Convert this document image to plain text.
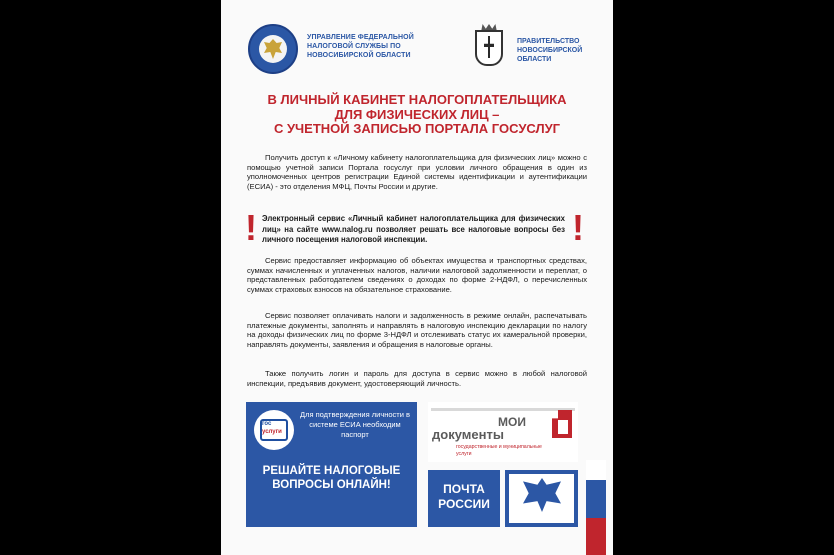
УПРАВЛЕНИЕ ФЕДЕРАЛЬНОЙ НАЛОГОВОЙ СЛУЖБЫ ПО НОВОСИБИРСКОЙ ОБЛАСТИ
ПРАВИТЕЛЬСТВО НОВОСИБИРСКОЙ ОБЛАСТИ
В ЛИЧНЫЙ КАБИНЕТ НАЛОГОПЛАТЕЛЬЩИКА
ДЛЯ ФИЗИЧЕСКИХ ЛИЦ –
С УЧЕТНОЙ ЗАПИСЬЮ ПОРТАЛА ГОСУСЛУГ
Получить доступ к «Личному кабинету налогоплательщика для физических лиц» можно с помощью учетной записи Портала госуслуг при условии личного обращения в один из уполномоченных центров регистрации Единой системы идентификации и аутентификации (ЕСИА) - это отделения МФЦ, Почты России и другие.
! Электронный сервис «Личный кабинет налогоплательщика для физических лиц» на сайте www.nalog.ru позволяет решать все налоговые вопросы без личного посещения налоговой инспекции.	!
Сервис предоставляет информацию об объектах имущества и транспортных средствах, суммах начисленных и уплаченных налогов, наличии налоговой задолженности и переплат, о представленных работодателем сведениях о доходах по форме 2-НДФЛ, о перечисленных суммах страховых взносов на обязательное страхование.
Сервис позволяет оплачивать налоги и задолженность в режиме онлайн, распечатывать платежные документы, заполнять и направлять в налоговую инспекцию декларации по налогу на доходы физических лиц по форме 3-НДФЛ и отслеживать статус их камеральной проверки, направлять документы, заявления и обращения в налоговые органы.
Также получить логин и пароль для доступа в сервис можно в любой налоговой инспекции, предъявив документ, удостоверяющий личность.
гос
услуги
Для подтверждения личности в системе ЕСИА необходим паспорт
РЕШАЙТЕ НАЛОГОВЫЕ ВОПРОСЫ ОНЛАЙН!
МОИ
документы
государственные и муниципальные услуги
ПОЧТА РОССИИ
